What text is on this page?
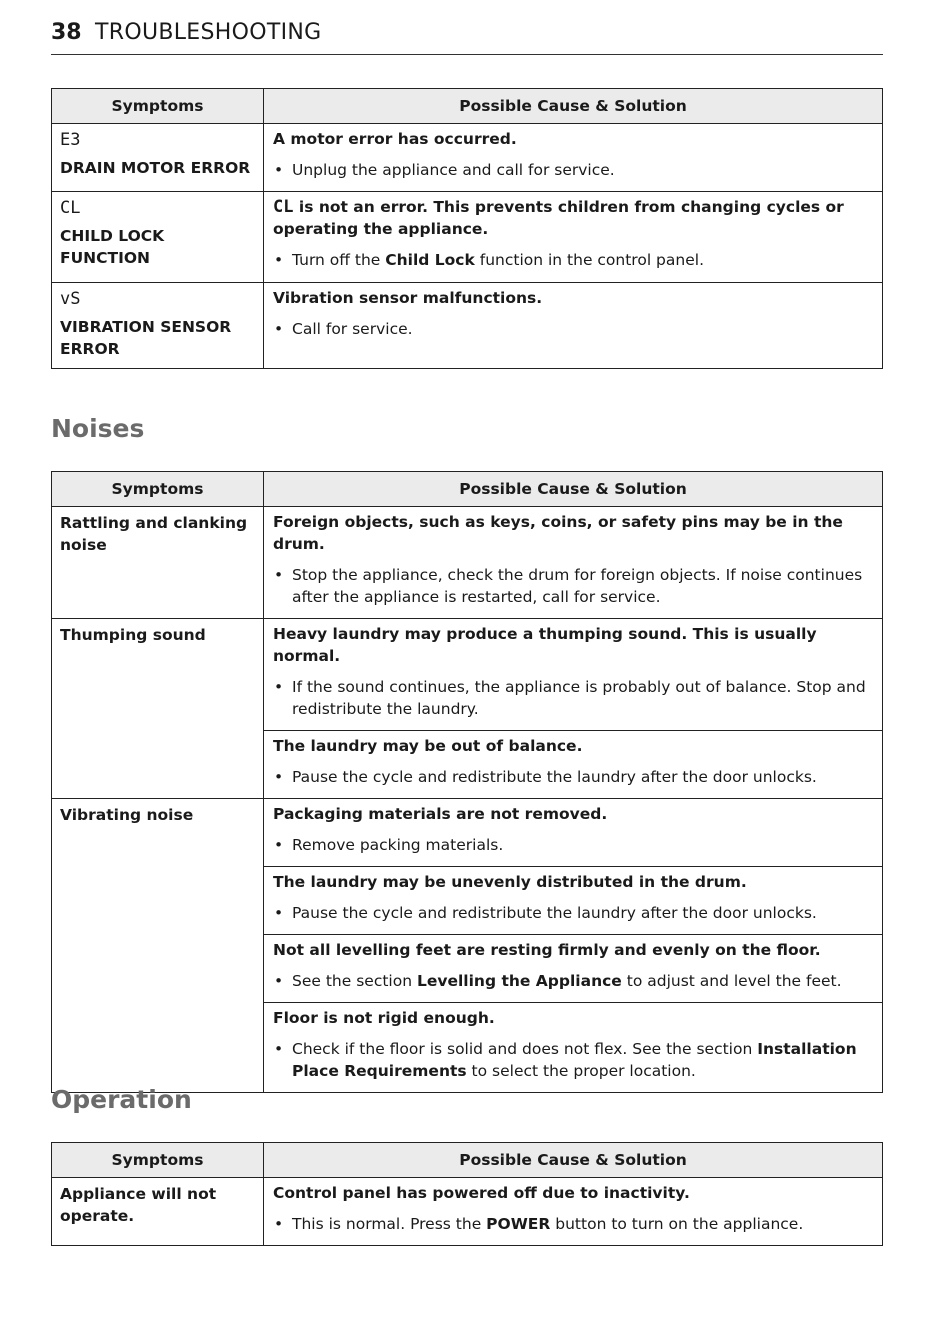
38 TROUBLESHOOTING
Symptoms	Possible Cause & Solution

E3
DRAIN MOTOR ERROR	A motor error has occurred.
• Unplug the appliance and call for service.

CL
CHILD LOCK FUNCTION	CL is not an error. This prevents children from changing cycles or operating the appliance.
• Turn off the Child Lock function in the control panel.

vS
VIBRATION SENSOR ERROR	Vibration sensor malfunctions.
• Call for service.
Noises
Symptoms	Possible Cause & Solution
Rattling and clanking noise	Foreign objects, such as keys, coins, or safety pins may be in the drum.
• Stop the appliance, check the drum for foreign objects. If noise continues after the appliance is restarted, call for service.

Thumping sound	Heavy laundry may produce a thumping sound. This is usually normal.
• If the sound continues, the appliance is probably out of balance. Stop and redistribute the laundry.

	The laundry may be out of balance.
• Pause the cycle and redistribute the laundry after the door unlocks.

Vibrating noise	Packaging materials are not removed.
• Remove packing materials.

	The laundry may be unevenly distributed in the drum.
• Pause the cycle and redistribute the laundry after the door unlocks.

	Not all levelling feet are resting firmly and evenly on the floor.
• See the section Levelling the Appliance to adjust and level the feet.

	Floor is not rigid enough.
• Check if the floor is solid and does not flex. See the section Installation Place Requirements to select the proper location.
Operation
Symptoms	Possible Cause & Solution
Appliance will not operate.	Control panel has powered off due to inactivity.
• This is normal. Press the POWER button to turn on the appliance.
